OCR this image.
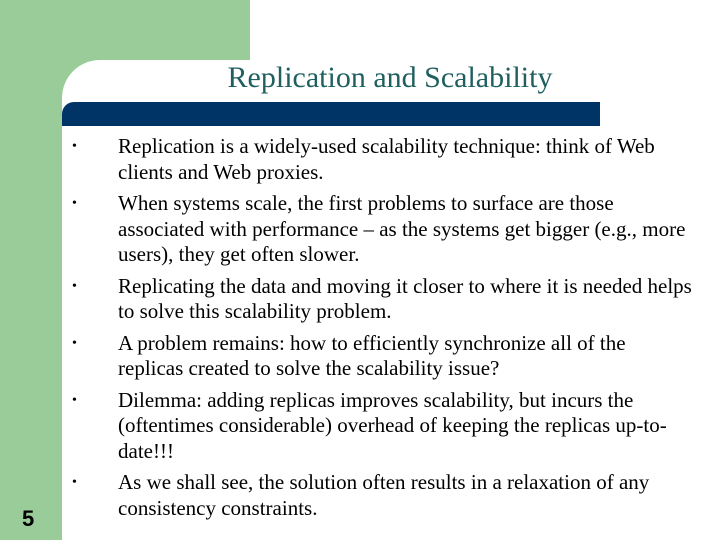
Replication and Scalability
• Replication is a widely-used scalability technique: think of Web clients and Web proxies.
• When systems scale, the first problems to surface are those associated with performance – as the systems get bigger (e.g., more users), they get often slower.
• Replicating the data and moving it closer to where it is needed helps to solve this scalability problem.
• A problem remains: how to efficiently synchronize all of the replicas created to solve the scalability issue?
• Dilemma: adding replicas improves scalability, but incurs the (oftentimes considerable) overhead of keeping the replicas up-to-date!!!
• As we shall see, the solution often results in a relaxation of any consistency constraints.
5
